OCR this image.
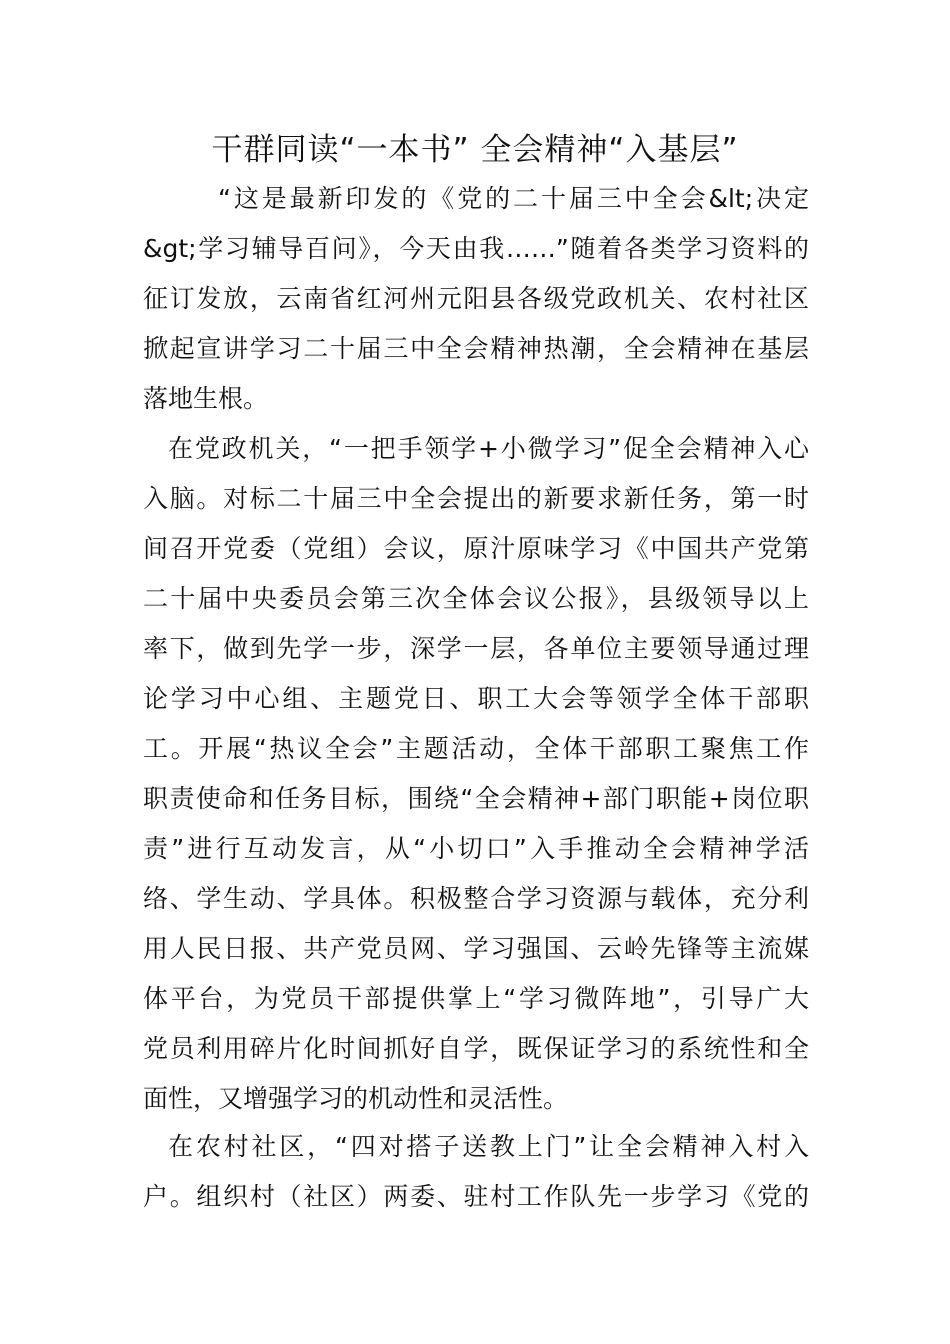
干群同读“一本书” 全会精神“入基层”
“这是最新印发的《党的二十届三中全会&lt;决定
&gt;学习辅导百问》，今天由我……”随着各类学习资料的
征订发放，云南省红河州元阳县各级党政机关、农村社区
掀起宣讲学习二十届三中全会精神热潮，全会精神在基层
落地生根。
在党政机关，“一把手领学+小微学习”促全会精神入心
入脑。对标二十届三中全会提出的新要求新任务，第一时
间召开党委（党组）会议，原汁原味学习《中国共产党第
二十届中央委员会第三次全体会议公报》，县级领导以上
率下，做到先学一步，深学一层，各单位主要领导通过理
论学习中心组、主题党日、职工大会等领学全体干部职
工。开展“热议全会”主题活动，全体干部职工聚焦工作
职责使命和任务目标，围绕“全会精神+部门职能+岗位职
责”进行互动发言，从“小切口”入手推动全会精神学活
络、学生动、学具体。积极整合学习资源与载体，充分利
用人民日报、共产党员网、学习强国、云岭先锋等主流媒
体平台，为党员干部提供掌上“学习微阵地”，引导广大
党员利用碎片化时间抓好自学，既保证学习的系统性和全
面性，又增强学习的机动性和灵活性。
在农村社区，“四对搭子送教上门”让全会精神入村入
户。组织村（社区）两委、驻村工作队先一步学习《党的
